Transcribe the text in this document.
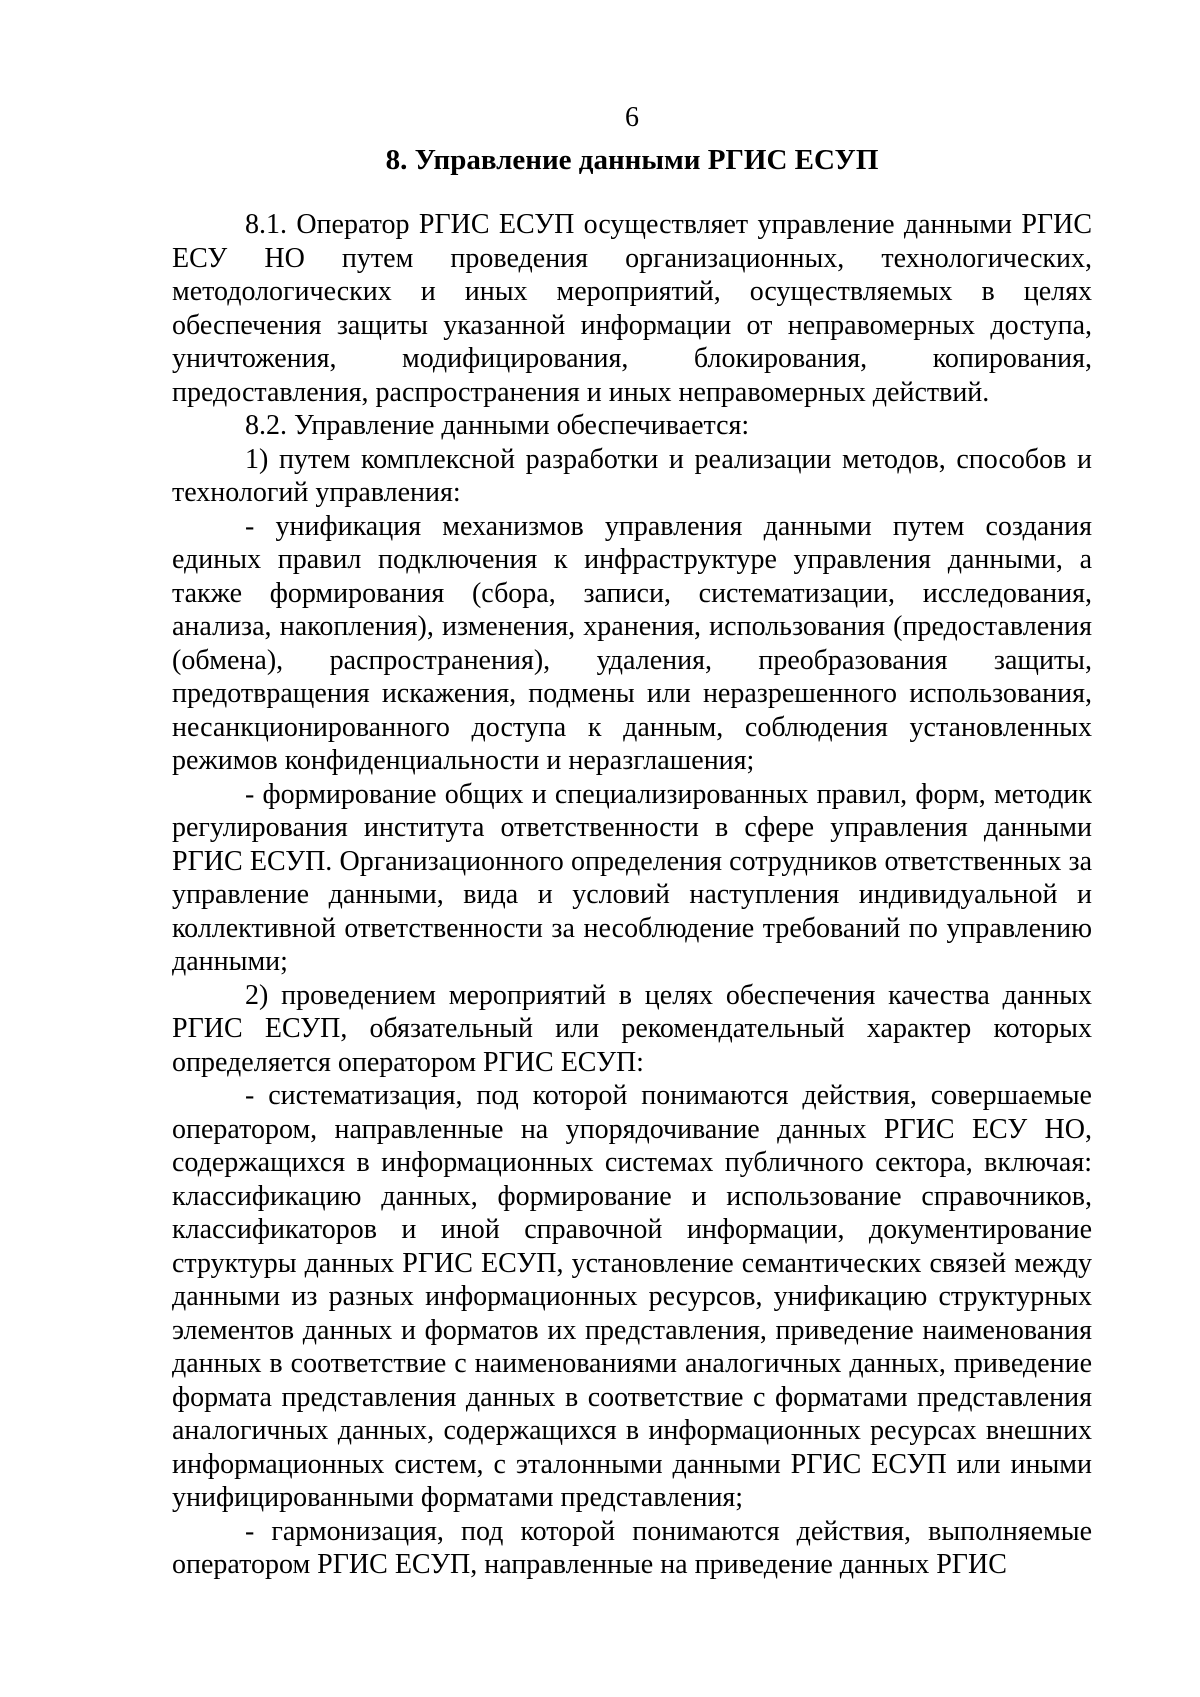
6
8. Управление данными РГИС ЕСУП

8.1. Оператор РГИС ЕСУП осуществляет управление данными РГИС ЕСУ НО путем проведения организационных, технологических, методологических и иных мероприятий, осуществляемых в целях обеспечения защиты указанной информации от неправомерных доступа, уничтожения, модифицирования, блокирования, копирования, предоставления, распространения и иных неправомерных действий.

8.2. Управление данными обеспечивается:

1) путем комплексной разработки и реализации методов, способов и технологий управления:

- унификация механизмов управления данными путем создания единых правил подключения к инфраструктуре управления данными, а также формирования (сбора, записи, систематизации, исследования, анализа, накопления), изменения, хранения, использования (предоставления (обмена), распространения), удаления, преобразования защиты, предотвращения искажения, подмены или неразрешенного использования, несанкционированного доступа к данным, соблюдения установленных режимов конфиденциальности и неразглашения;

- формирование общих и специализированных правил, форм, методик регулирования института ответственности в сфере управления данными РГИС ЕСУП. Организационного определения сотрудников ответственных за управление данными, вида и условий наступления индивидуальной и коллективной ответственности за несоблюдение требований по управлению данными;

2) проведением мероприятий в целях обеспечения качества данных РГИС ЕСУП, обязательный или рекомендательный характер которых определяется оператором РГИС ЕСУП:

- систематизация, под которой понимаются действия, совершаемые оператором, направленные на упорядочивание данных РГИС ЕСУ НО, содержащихся в информационных системах публичного сектора, включая: классификацию данных, формирование и использование справочников, классификаторов и иной справочной информации, документирование структуры данных РГИС ЕСУП, установление семантических связей между данными из разных информационных ресурсов, унификацию структурных элементов данных и форматов их представления, приведение наименования данных в соответствие с наименованиями аналогичных данных, приведение формата представления данных в соответствие с форматами представления аналогичных данных, содержащихся в информационных ресурсах внешних информационных систем, с эталонными данными РГИС ЕСУП или иными унифицированными форматами представления;

- гармонизация, под которой понимаются действия, выполняемые оператором РГИС ЕСУП, направленные на приведение данных РГИС
